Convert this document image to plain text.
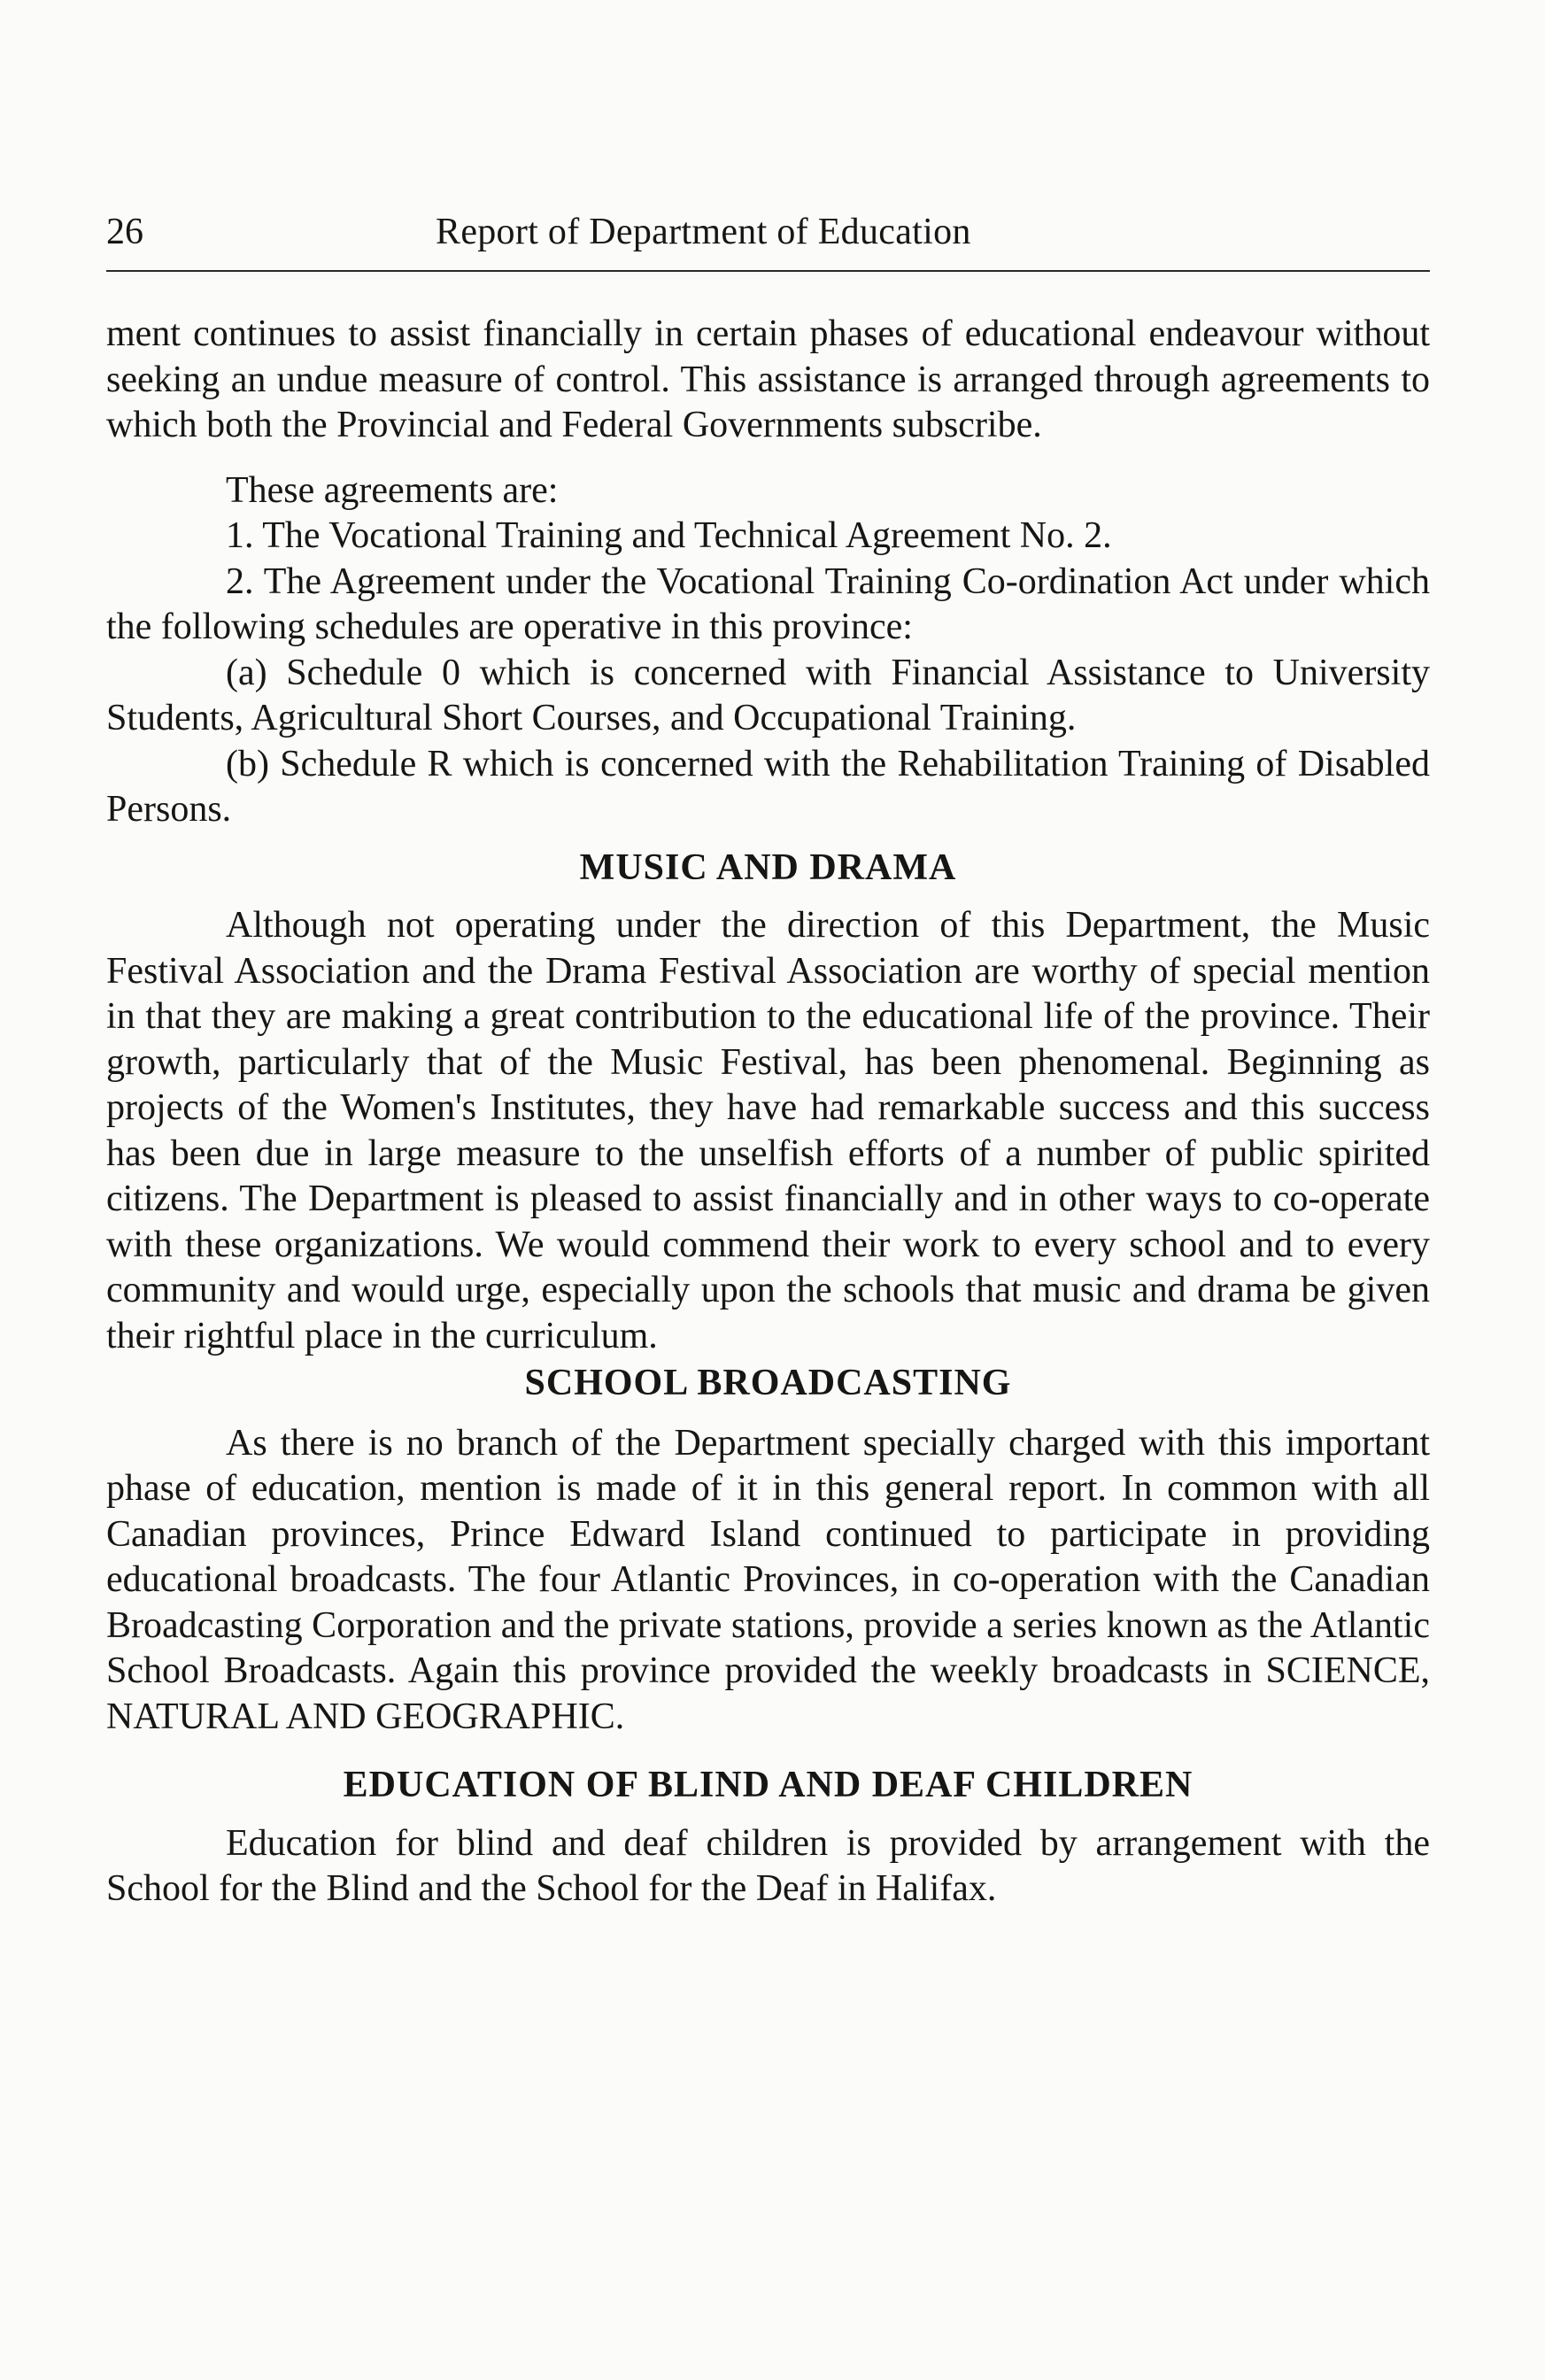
26	Report of Department of Education

ment continues to assist financially in certain phases of educational endeavour without seeking an undue measure of control. This assistance is arranged through agreements to which both the Provincial and Federal Governments subscribe.

These agreements are:

1. The Vocational Training and Technical Agreement No. 2.

2. The Agreement under the Vocational Training Co-ordination Act under which the following schedules are operative in this province:

(a) Schedule 0 which is concerned with Financial Assistance to University Students, Agricultural Short Courses, and Occupational Training.

(b) Schedule R which is concerned with the Rehabilitation Training of Disabled Persons.

MUSIC AND DRAMA

Although not operating under the direction of this Department, the Music Festival Association and the Drama Festival Association are worthy of special mention in that they are making a great contribution to the educational life of the province. Their growth, particularly that of the Music Festival, has been phenomenal. Beginning as projects of the Women's Institutes, they have had remarkable success and this success has been due in large measure to the unselfish efforts of a number of public spirited citizens. The Department is pleased to assist financially and in other ways to co-operate with these organizations. We would commend their work to every school and to every community and would urge, especially upon the schools that music and drama be given their rightful place in the curriculum.

SCHOOL BROADCASTING

As there is no branch of the Department specially charged with this important phase of education, mention is made of it in this general report. In common with all Canadian provinces, Prince Edward Island continued to participate in providing educational broadcasts. The four Atlantic Provinces, in co-operation with the Canadian Broadcasting Corporation and the private stations, provide a series known as the Atlantic School Broadcasts. Again this province provided the weekly broadcasts in SCIENCE, NATURAL AND GEOGRAPHIC.

EDUCATION OF BLIND AND DEAF CHILDREN

Education for blind and deaf children is provided by arrangement with the School for the Blind and the School for the Deaf in Halifax.
